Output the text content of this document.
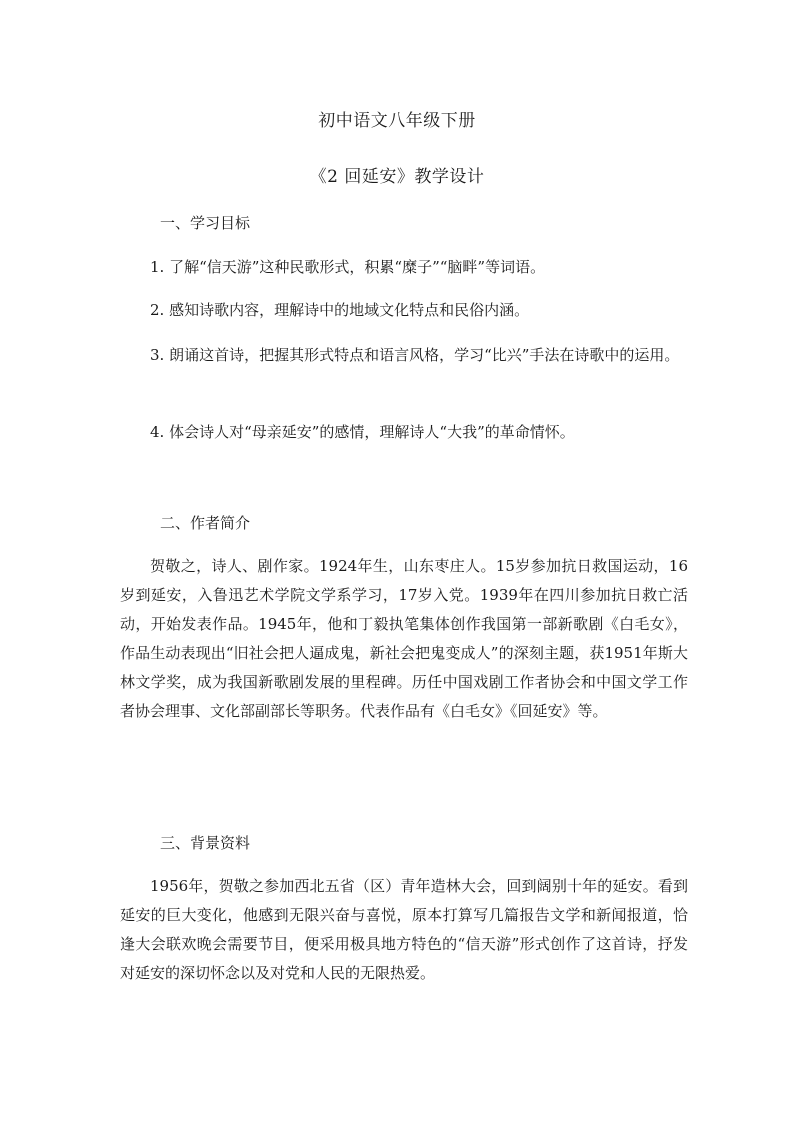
初中语文八年级下册
《2 回延安》教学设计
一、学习目标

1. 了解“信天游”这种民歌形式，积累“糜子”“脑畔”等词语。

2. 感知诗歌内容，理解诗中的地域文化特点和民俗内涵。

3. 朗诵这首诗，把握其形式特点和语言风格，学习“比兴”手法在诗歌中的运用。

4. 体会诗人对“母亲延安”的感情，理解诗人“大我”的革命情怀。

二、作者简介

贺敬之，诗人、剧作家。1924年生，山东枣庄人。15岁参加抗日救国运动，16岁到延安，入鲁迅艺术学院文学系学习，17岁入党。1939年在四川参加抗日救亡活动，开始发表作品。1945年，他和丁毅执笔集体创作我国第一部新歌剧《白毛女》，作品生动表现出“旧社会把人逼成鬼，新社会把鬼变成人”的深刻主题，获1951年斯大林文学奖，成为我国新歌剧发展的里程碑。历任中国戏剧工作者协会和中国文学工作者协会理事、文化部副部长等职务。代表作品有《白毛女》《回延安》等。

三、背景资料

1956年，贺敬之参加西北五省（区）青年造林大会，回到阔别十年的延安。看到延安的巨大变化，他感到无限兴奋与喜悦，原本打算写几篇报告文学和新闻报道，恰逢大会联欢晚会需要节目，便采用极具地方特色的“信天游”形式创作了这首诗，抒发对延安的深切怀念以及对党和人民的无限热爱。
